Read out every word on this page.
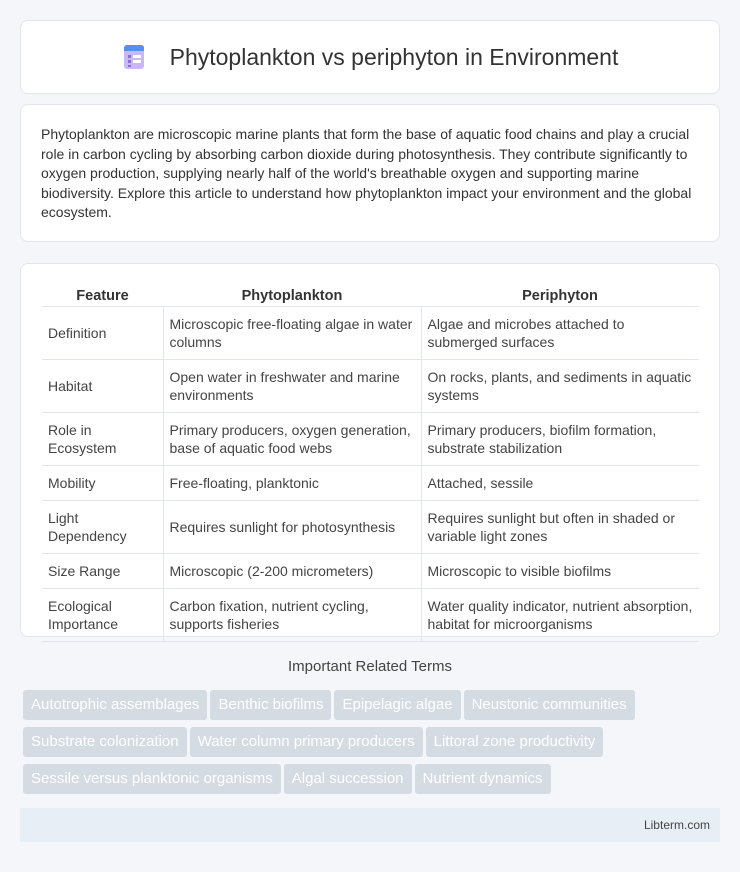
Phytoplankton vs periphyton in Environment

Phytoplankton are microscopic marine plants that form the base of aquatic food chains and play a crucial role in carbon cycling by absorbing carbon dioxide during photosynthesis. They contribute significantly to oxygen production, supplying nearly half of the world's breathable oxygen and supporting marine biodiversity. Explore this article to understand how phytoplankton impact your environment and the global ecosystem.

Feature	Phytoplankton	Periphyton
Definition	Microscopic free-floating algae in water columns	Algae and microbes attached to submerged surfaces
Habitat	Open water in freshwater and marine environments	On rocks, plants, and sediments in aquatic systems
Role in Ecosystem	Primary producers, oxygen generation, base of aquatic food webs	Primary producers, biofilm formation, substrate stabilization
Mobility	Free-floating, planktonic	Attached, sessile
Light Dependency	Requires sunlight for photosynthesis	Requires sunlight but often in shaded or variable light zones
Size Range	Microscopic (2-200 micrometers)	Microscopic to visible biofilms
Ecological Importance	Carbon fixation, nutrient cycling, supports fisheries	Water quality indicator, nutrient absorption, habitat for microorganisms
Important Related Terms
Autotrophic assemblages Benthic biofilms Epipelagic algae Neustonic communities
Substrate colonization Water column primary producers Littoral zone productivity
Sessile versus planktonic organisms Algal succession Nutrient dynamics
Libterm.com
